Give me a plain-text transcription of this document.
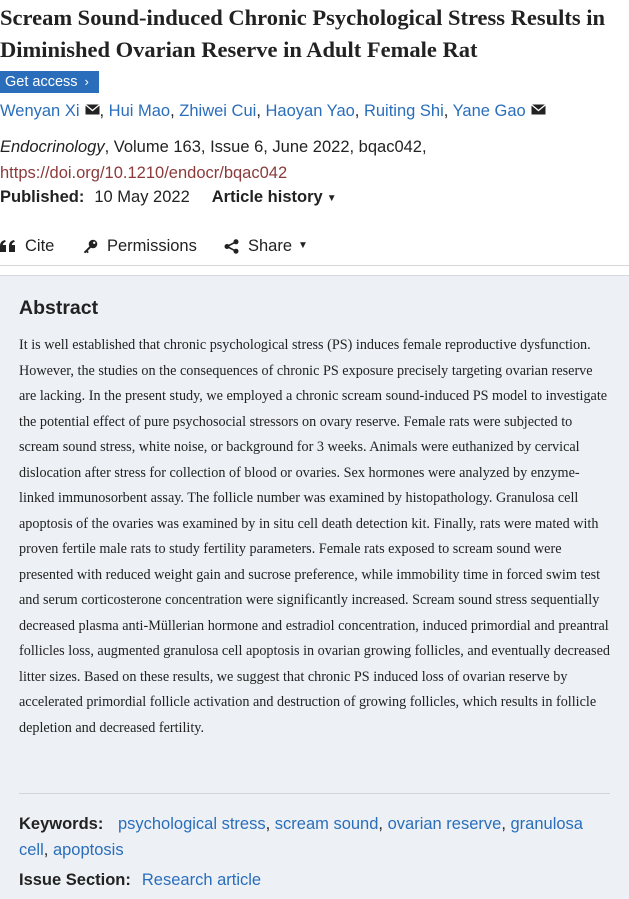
Scream Sound-induced Chronic Psychological Stress Results in Diminished Ovarian Reserve in Adult Female Rat
Get access ›
Wenyan Xi , Hui Mao, Zhiwei Cui, Haoyan Yao, Ruiting Shi, Yane Gao
Endocrinology, Volume 163, Issue 6, June 2022, bqac042, https://doi.org/10.1210/endocr/bqac042
Published: 10 May 2022 Article history ▼
Cite	Permissions	Share ▼
Abstract

It is well established that chronic psychological stress (PS) induces female reproductive dysfunction. However, the studies on the consequences of chronic PS exposure precisely targeting ovarian reserve are lacking. In the present study, we employed a chronic scream sound-induced PS model to investigate the potential effect of pure psychosocial stressors on ovary reserve. Female rats were subjected to scream sound stress, white noise, or background for 3 weeks. Animals were euthanized by cervical dislocation after stress for collection of blood or ovaries. Sex hormones were analyzed by enzyme-linked immunosorbent assay. The follicle number was examined by histopathology. Granulosa cell apoptosis of the ovaries was examined by in situ cell death detection kit. Finally, rats were mated with proven fertile male rats to study fertility parameters. Female rats exposed to scream sound were presented with reduced weight gain and sucrose preference, while immobility time in forced swim test and serum corticosterone concentration were significantly increased. Scream sound stress sequentially decreased plasma anti-Müllerian hormone and estradiol concentration, induced primordial and preantral follicles loss, augmented granulosa cell apoptosis in ovarian growing follicles, and eventually decreased litter sizes. Based on these results, we suggest that chronic PS induced loss of ovarian reserve by accelerated primordial follicle activation and destruction of growing follicles, which results in follicle depletion and decreased fertility.

Keywords: psychological stress, scream sound, ovarian reserve, granulosa cell, apoptosis
Issue Section: Research article
